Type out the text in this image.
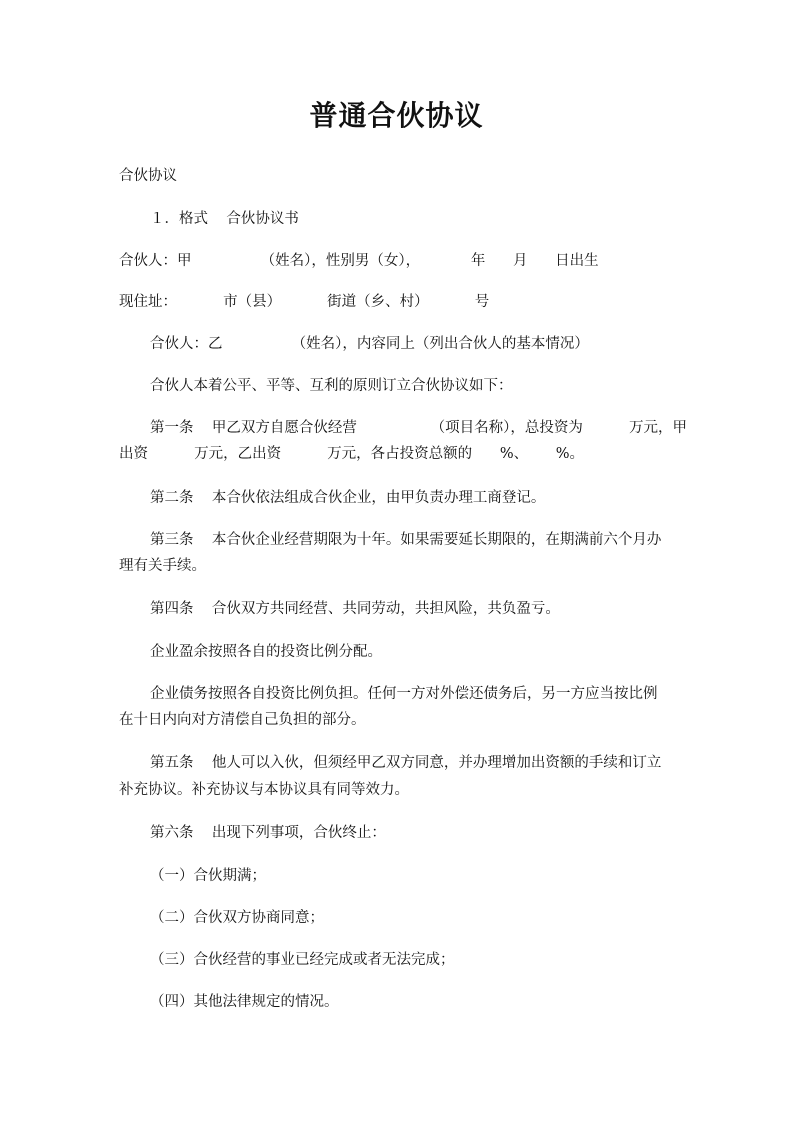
普通合伙协议
合伙协议
１．格式    合伙协议书
合伙人：甲               （姓名），性别男（女），           年      月      日出生
现住址：          市（县）          街道（乡、村）          号
合伙人：乙               （姓名），内容同上（列出合伙人的基本情况）
合伙人本着公平、平等、互利的原则订立合伙协议如下：
第一条    甲乙双方自愿合伙经营                （项目名称），总投资为          万元，甲
出资          万元，乙出资          万元，各占投资总额的      %、      %。
第二条    本合伙依法组成合伙企业，由甲负责办理工商登记。
第三条    本合伙企业经营期限为十年。如果需要延长期限的，在期满前六个月办
理有关手续。
第四条    合伙双方共同经营、共同劳动，共担风险，共负盈亏。
企业盈余按照各自的投资比例分配。
企业债务按照各自投资比例负担。任何一方对外偿还债务后，另一方应当按比例
在十日内向对方清偿自己负担的部分。
第五条    他人可以入伙，但须经甲乙双方同意，并办理增加出资额的手续和订立
补充协议。补充协议与本协议具有同等效力。
第六条    出现下列事项，合伙终止：
（一）合伙期满；
（二）合伙双方协商同意；
（三）合伙经营的事业已经完成或者无法完成；
（四）其他法律规定的情况。
